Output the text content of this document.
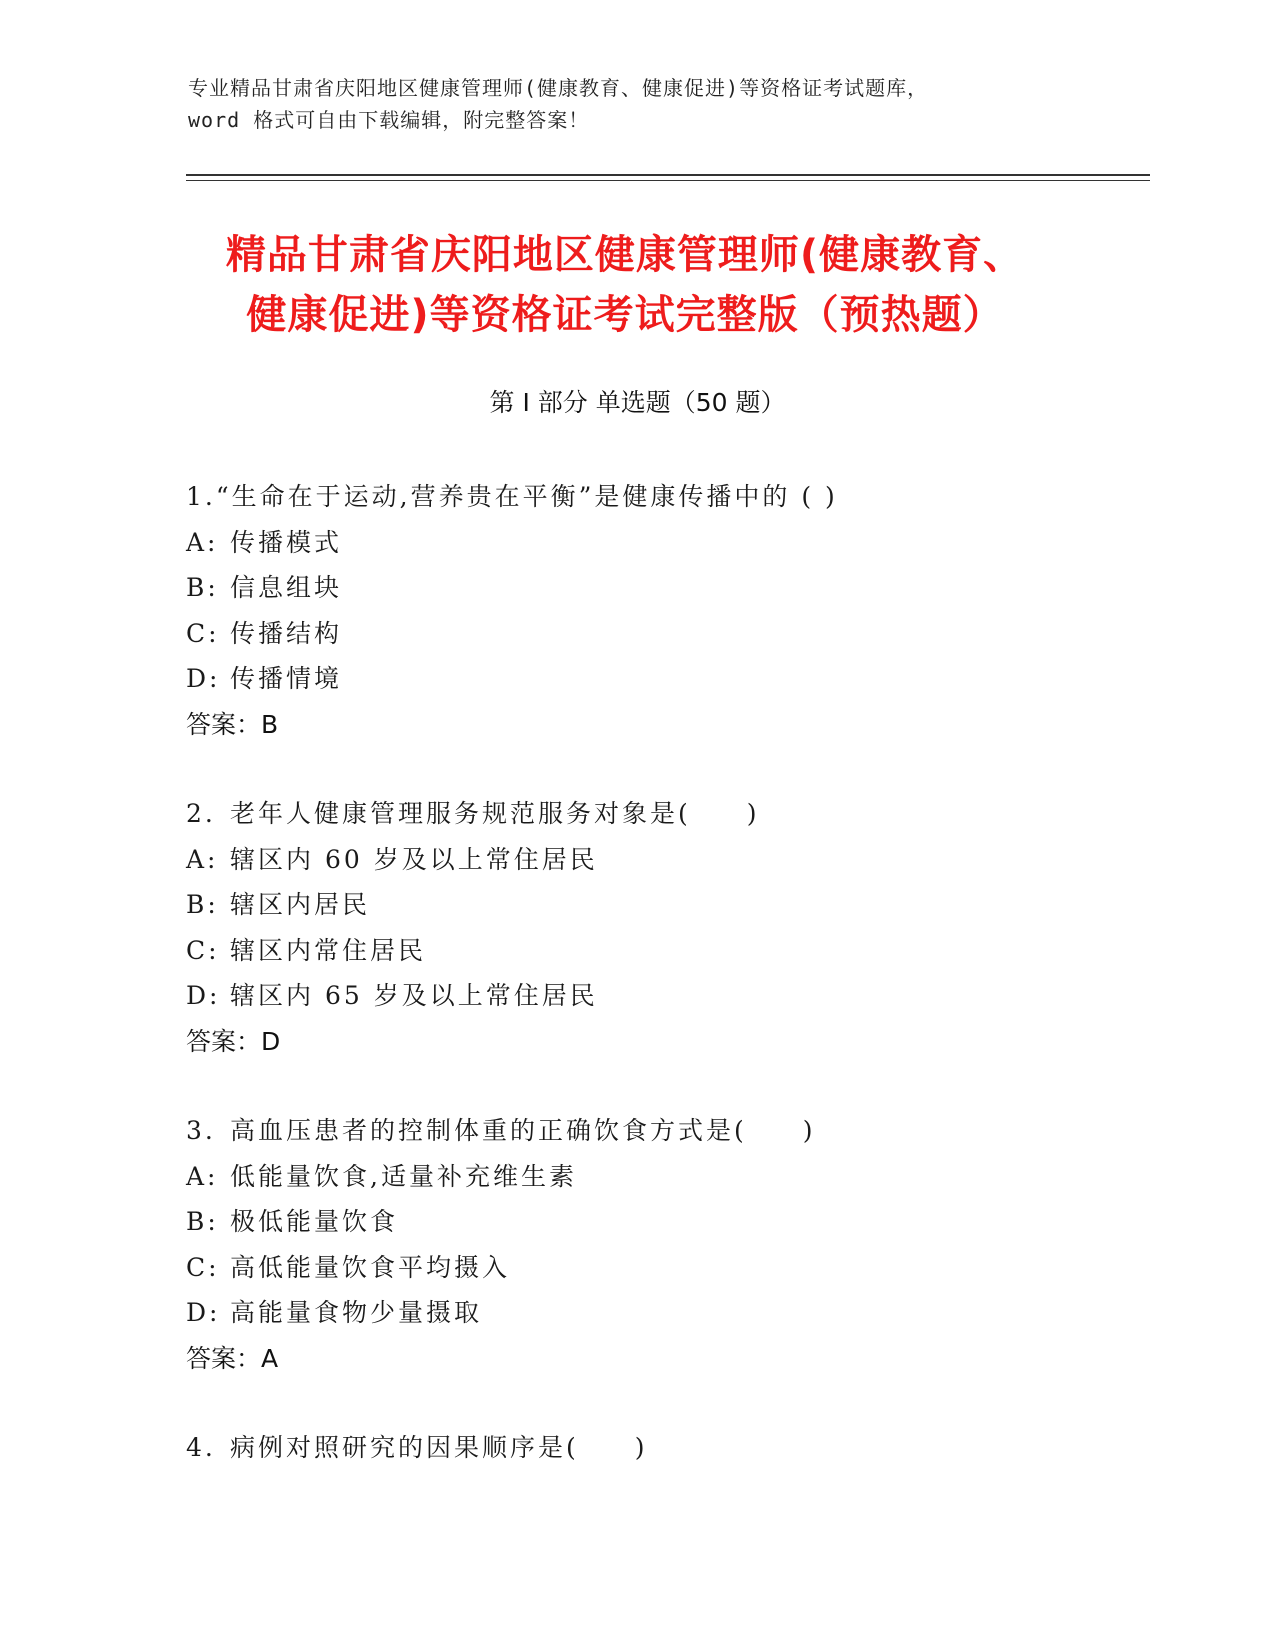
专业精品甘肃省庆阳地区健康管理师(健康教育、健康促进)等资格证考试题库，
word 格式可自由下载编辑，附完整答案！
精品甘肃省庆阳地区健康管理师(健康教育、
健康促进)等资格证考试完整版（预热题）
第 I 部分 单选题（50 题）
1.“生命在于运动,营养贵在平衡”是健康传播中的 ( )
A: 传播模式
B: 信息组块
C: 传播结构
D: 传播情境
答案：B
2. 老年人健康管理服务规范服务对象是(　　)
A: 辖区内 60 岁及以上常住居民
B: 辖区内居民
C: 辖区内常住居民
D: 辖区内 65 岁及以上常住居民
答案：D
3. 高血压患者的控制体重的正确饮食方式是(　　)
A: 低能量饮食,适量补充维生素
B: 极低能量饮食
C: 高低能量饮食平均摄入
D: 高能量食物少量摄取
答案：A
4. 病例对照研究的因果顺序是(　　)
